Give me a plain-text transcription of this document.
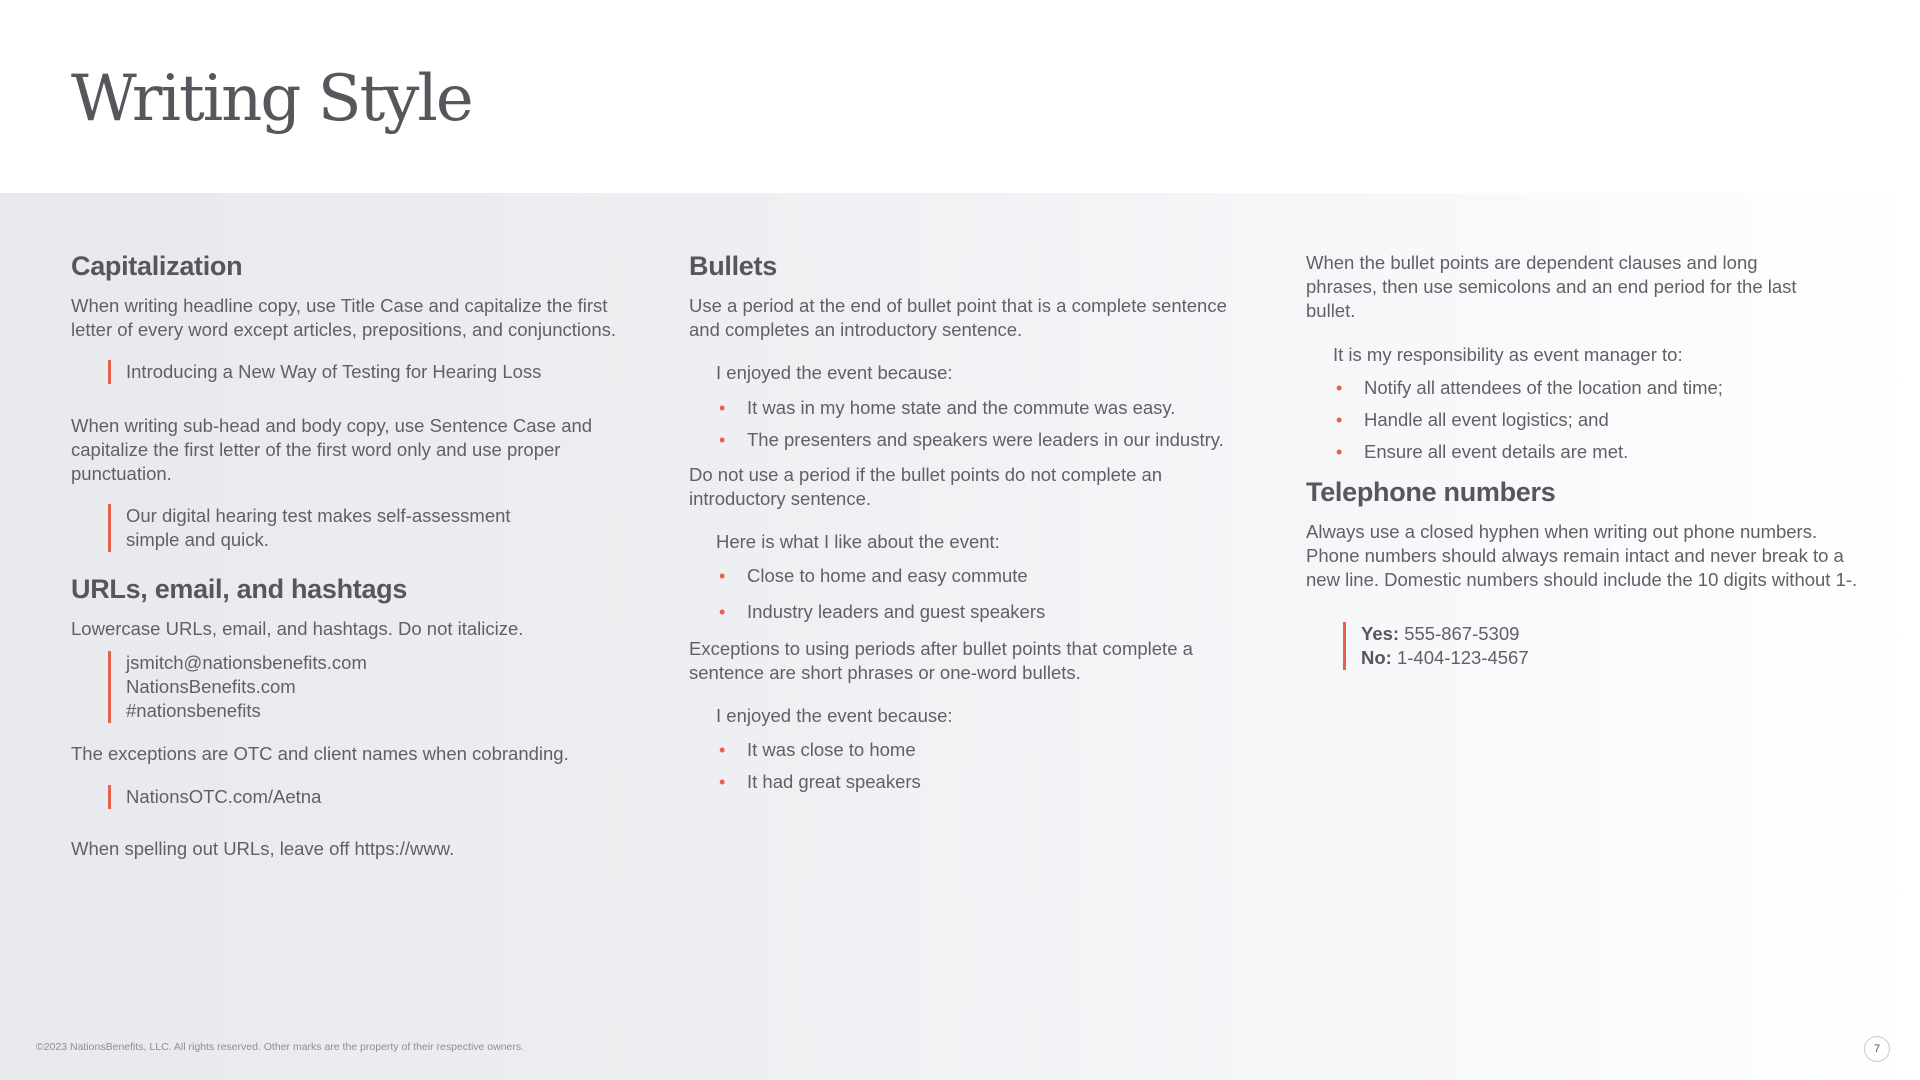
Writing Style
Capitalization

When writing headline copy, use Title Case and capitalize the first letter of every word except articles, prepositions, and conjunctions.

Introducing a New Way of Testing for Hearing Loss

When writing sub-head and body copy, use Sentence Case and capitalize the first letter of the first word only and use proper punctuation.

Our digital hearing test makes self-assessment simple and quick.
URLs, email, and hashtags

Lowercase URLs, email, and hashtags. Do not italicize.

jsmitch@nationsbenefits.com
NationsBenefits.com
#nationsbenefits

The exceptions are OTC and client names when cobranding.

NationsOTC.com/Aetna

When spelling out URLs, leave off https://www.

Bullets

Use a period at the end of bullet point that is a complete sentence and completes an introductory sentence.

I enjoyed the event because:
• It was in my home state and the commute was easy.
• The presenters and speakers were leaders in our industry.

Do not use a period if the bullet points do not complete an introductory sentence.

Here is what I like about the event:
• Close to home and easy commute
• Industry leaders and guest speakers

Exceptions to using periods after bullet points that complete a sentence are short phrases or one-word bullets.

I enjoyed the event because:
• It was close to home
• It had great speakers

When the bullet points are dependent clauses and long phrases, then use semicolons and an end period for the last bullet.

It is my responsibility as event manager to:
• Notify all attendees of the location and time;
• Handle all event logistics; and
• Ensure all event details are met.
Telephone numbers

Always use a closed hyphen when writing out phone numbers. Phone numbers should always remain intact and never break to a new line. Domestic numbers should include the 10 digits without 1-.

Yes: 555-867-5309
No: 1-404-123-4567
©2023 NationsBenefits, LLC. All rights reserved. Other marks are the property of their respective owners.	7
